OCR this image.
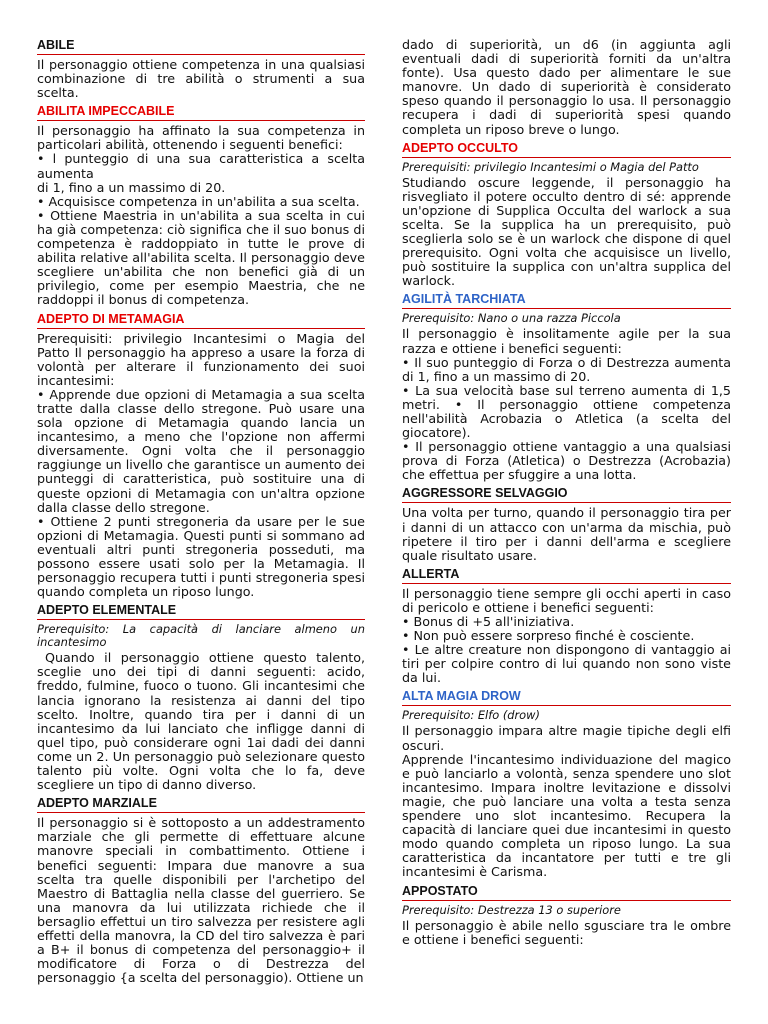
ABILE

Il personaggio ottiene competenza in una qualsiasi combinazione di tre abilità o strumenti a sua scelta.

ABILITA IMPECCABILE

Il personaggio ha affinato la sua competenza in particolari abilità, ottenendo i seguenti benefici:

• l punteggio di una sua caratteristica a scelta aumenta

di 1, fino a un massimo di 20.

• Acquisisce competenza in un'abilita a sua scelta.

• Ottiene Maestria in un'abilita a sua scelta in cui ha già competenza: ciò significa che il suo bonus di competenza è raddoppiato in tutte le prove di abilita relative all'abilita scelta. Il personaggio deve scegliere un'abilita che non benefici già di un privilegio, come per esempio Maestria, che ne raddoppi il bonus di competenza.

ADEPTO DI METAMAGIA

Prerequisiti: privilegio Incantesimi o Magia del Patto Il personaggio ha appreso a usare la forza di volontà per alterare il funzionamento dei suoi incantesimi:

• Apprende due opzioni di Metamagia a sua scelta tratte dalla classe dello stregone. Può usare una sola opzione di Metamagia quando lancia un incantesimo, a meno che l'opzione non affermi diversamente. Ogni volta che il personaggio raggiunge un livello che garantisce un aumento dei punteggi di caratteristica, può sostituire una di queste opzioni di Metamagia con un'altra opzione dalla classe dello stregone.

• Ottiene 2 punti stregoneria da usare per le sue opzioni di Metamagia. Questi punti si sommano ad eventuali altri punti stregoneria posseduti, ma possono essere usati solo per la Metamagia. Il personaggio recupera tutti i punti stregoneria spesi quando completa un riposo lungo.

ADEPTO ELEMENTALE

Prerequisito: La capacità di lanciare almeno un incantesimo

Quando il personaggio ottiene questo talento, sceglie uno dei tipi di danni seguenti: acido, freddo, fulmine, fuoco o tuono. Gli incantesimi che lancia ignorano la resistenza ai danni del tipo scelto. Inoltre, quando tira per i danni di un incantesimo da lui lanciato che infligge danni di quel tipo, può considerare ogni 1ai dadi dei danni come un 2. Un personaggio può selezionare questo talento più volte. Ogni volta che lo fa, deve scegliere un tipo di danno diverso.

ADEPTO MARZIALE

Il personaggio si è sottoposto a un addestramento marziale che gli permette di effettuare alcune manovre speciali in combattimento. Ottiene i benefici seguenti: Impara due manovre a sua scelta tra quelle disponibili per l'archetipo del Maestro di Battaglia nella classe del guerriero. Se una manovra da lui utilizzata richiede che il bersaglio effettui un tiro salvezza per resistere agli effetti della manovra, la CD del tiro salvezza è pari a B+ il bonus di competenza del personaggio+ il modificatore di Forza o di Destrezza del personaggio {a scelta del personaggio). Ottiene un

dado di superiorità, un d6 (in aggiunta agli eventuali dadi di superiorità forniti da un'altra fonte). Usa questo dado per alimentare le sue manovre. Un dado di superiorità è considerato speso quando il personaggio lo usa. Il personaggio recupera i dadi di superiorità spesi quando completa un riposo breve o lungo.

ADEPTO OCCULTO

Prerequisiti: privilegio Incantesimi o Magia del Patto

Studiando oscure leggende, il personaggio ha risvegliato il potere occulto dentro di sé: apprende un'opzione di Supplica Occulta del warlock a sua scelta. Se la supplica ha un prerequisito, può sceglierla solo se è un warlock che dispone di quel prerequisito. Ogni volta che acquisisce un livello, può sostituire la supplica con un'altra supplica del warlock.

AGILITÀ TARCHIATA

Prerequisito: Nano o una razza Piccola

Il personaggio è insolitamente agile per la sua razza e ottiene i benefici seguenti:

• Il suo punteggio di Forza o di Destrezza aumenta di 1, fino a un massimo di 20.

• La sua velocità base sul terreno aumenta di 1,5 metri. • Il personaggio ottiene competenza nell'abilità Acrobazia o Atletica (a scelta del giocatore).

• Il personaggio ottiene vantaggio a una qualsiasi prova di Forza (Atletica) o Destrezza (Acrobazia) che effettua per sfuggire a una lotta.

AGGRESSORE SELVAGGIO

Una volta per turno, quando il personaggio tira per i danni di un attacco con un'arma da mischia, può ripetere il tiro per i danni dell'arma e scegliere quale risultato usare.

ALLERTA

Il personaggio tiene sempre gli occhi aperti in caso di pericolo e ottiene i benefici seguenti:

• Bonus di +5 all'iniziativa.

• Non può essere sorpreso finché è cosciente.

• Le altre creature non dispongono di vantaggio ai tiri per colpire contro di lui quando non sono viste da lui.

ALTA MAGIA DROW

Prerequisito: Elfo (drow)

Il personaggio impara altre magie tipiche degli elfi oscuri.

Apprende l'incantesimo individuazione del magico e può lanciarlo a volontà, senza spendere uno slot incantesimo. Impara inoltre levitazione e dissolvi magie, che può lanciare una volta a testa senza spendere uno slot incantesimo. Recupera la capacità di lanciare quei due incantesimi in questo modo quando completa un riposo lungo. La sua caratteristica da incantatore per tutti e tre gli incantesimi è Carisma.

APPOSTATO

Prerequisito: Destrezza 13 o superiore

Il personaggio è abile nello sgusciare tra le ombre e ottiene i benefici seguenti:
